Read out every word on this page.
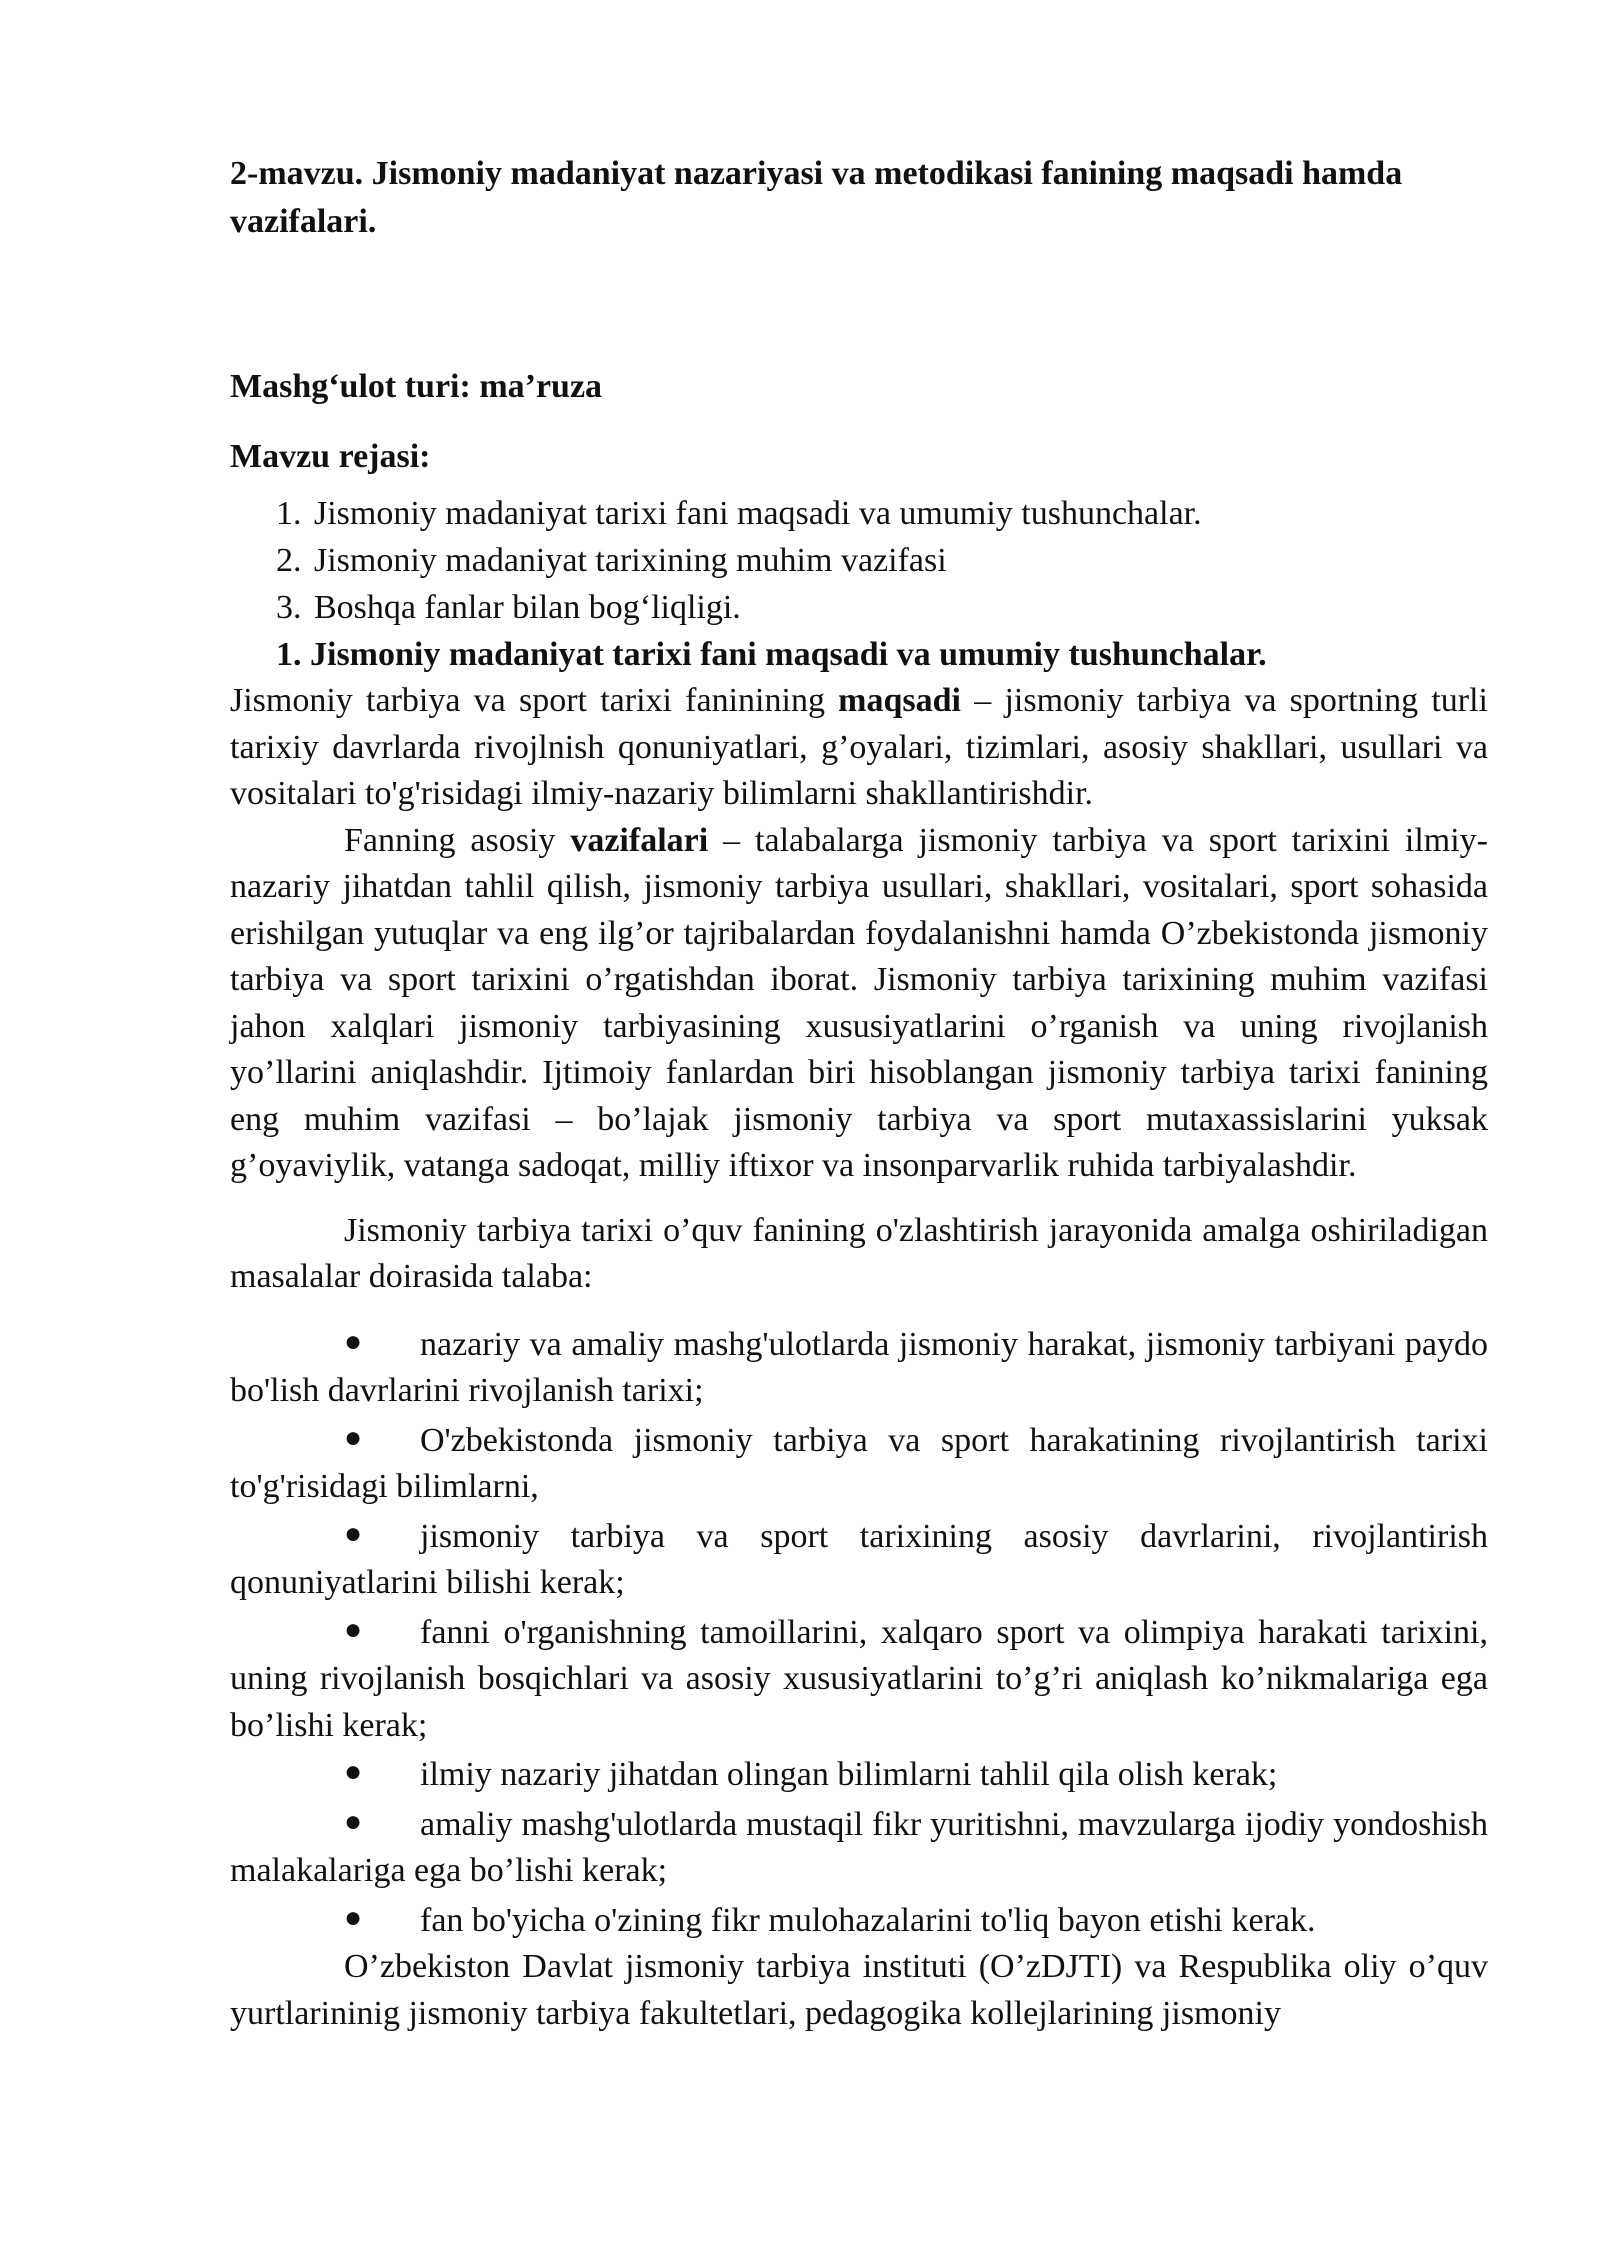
2-mavzu. Jismoniy madaniyat nazariyasi va metodikasi fanining maqsadi hamda vazifalari.

Mashg‘ulot turi: ma’ruza

Mavzu rejasi:

1. Jismoniy madaniyat tarixi fani maqsadi va umumiy tushunchalar.
2. Jismoniy madaniyat tarixining muhim vazifasi
3. Boshqa fanlar bilan bog‘liqligi.

1. Jismoniy madaniyat tarixi fani maqsadi va umumiy tushunchalar.

Jismoniy tarbiya va sport tarixi faninining maqsadi – jismoniy tarbiya va sportning turli tarixiy davrlarda rivojlnish qonuniyatlari, g’oyalari, tizimlari, asosiy shakllari, usullari va vositalari to'g'risidagi ilmiy-nazariy bilimlarni shakllantirishdir.

Fanning asosiy vazifalari – talabalarga jismoniy tarbiya va sport tarixini ilmiy-nazariy jihatdan tahlil qilish, jismoniy tarbiya usullari, shakllari, vositalari, sport sohasida erishilgan yutuqlar va eng ilg’or tajribalardan foydalanishni hamda O’zbekistonda jismoniy tarbiya va sport tarixini o’rgatishdan iborat. Jismoniy tarbiya tarixining muhim vazifasi jahon xalqlari jismoniy tarbiyasining xususiyatlarini o’rganish va uning rivojlanish yo’llarini aniqlashdir. Ijtimoiy fanlardan biri hisoblangan jismoniy tarbiya tarixi fanining eng muhim vazifasi – bo’lajak jismoniy tarbiya va sport mutaxassislarini yuksak g’oyaviylik, vatanga sadoqat, milliy iftixor va insonparvarlik ruhida tarbiyalashdir.

Jismoniy tarbiya tarixi o’quv fanining o'zlashtirish jarayonida amalga oshiriladigan masalalar doirasida talaba:

● nazariy va amaliy mashg'ulotlarda jismoniy harakat, jismoniy tarbiyani paydo bo'lish davrlarini rivojlanish tarixi;
● O'zbekistonda jismoniy tarbiya va sport harakatining rivojlantirish tarixi to'g'risidagi bilimlarni,
● jismoniy tarbiya va sport tarixining asosiy davrlarini, rivojlantirish qonuniyatlarini bilishi kerak;
● fanni o'rganishning tamoillarini, xalqaro sport va olimpiya harakati tarixini, uning rivojlanish bosqichlari va asosiy xususiyatlarini to’g’ri aniqlash ko’nikmalariga ega bo’lishi kerak;
● ilmiy nazariy jihatdan olingan bilimlarni tahlil qila olish kerak;
● amaliy mashg'ulotlarda mustaqil fikr yuritishni, mavzularga ijodiy yondoshish malakalariga ega bo’lishi kerak;
● fan bo'yicha o'zining fikr mulohazalarini to'liq bayon etishi kerak.

O’zbekiston Davlat jismoniy tarbiya instituti (O’zDJTI) va Respublika oliy o’quv yurtlarininig jismoniy tarbiya fakultetlari, pedagogika kollejlarining jismoniy
